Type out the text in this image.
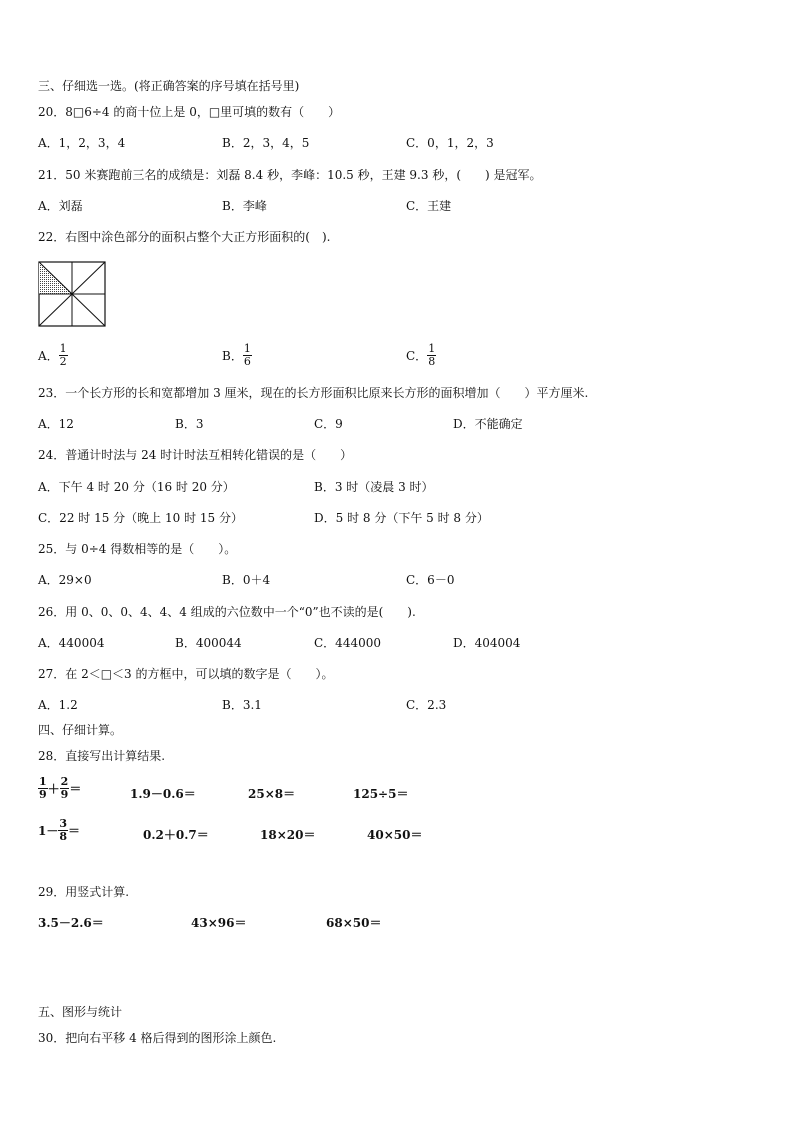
三、仔细选一选。(将正确答案的序号填在括号里)
20．8□6÷4 的商十位上是 0，□里可填的数有（　　）
A．1，2，3，4	B．2，3，4，5	C．0，1，2，3
21．50 米赛跑前三名的成绩是：刘磊 8.4 秒，李峰：10.5 秒，王建 9.3 秒，(　　) 是冠军。
A．刘磊	B．李峰	C．王建
22．右图中涂色部分的面积占整个大正方形面积的(　).
A． $\frac{1}{2}$	B． $\frac{1}{6}$	C． $\frac{1}{8}$
23．一个长方形的长和宽都增加 3 厘米，现在的长方形面积比原来长方形的面积增加（　　）平方厘米.
A．12	B．3	C．9	D．不能确定
24．普通计时法与 24 时计时法互相转化错误的是（　　）
A．下午 4 时 20 分（16 时 20 分）	B．3 时（凌晨 3 时）
C．22 时 15 分（晚上 10 时 15 分）	D．5 时 8 分（下午 5 时 8 分）
25．与 0÷4 得数相等的是（　　）。
A．29×0	B．0＋4	C．6－0
26．用 0、0、0、4、4、4 组成的六位数中一个“0”也不读的是(　　).
A．440004	B．400044	C．444000	D．404004
27．在 2＜□＜3 的方框中，可以填的数字是（　　）。
A．1.2	B．3.1	C．2.3
四、仔细计算。
28．直接写出计算结果.
$\frac{1}{9} + \frac{2}{9}$ ＝	1.9－0.6＝	25×8＝	125÷5＝
$1- \frac{3}{8}$ ＝	0.2＋0.7＝	18×20＝	40×50＝
29．用竖式计算.
3.5－2.6＝	43×96＝	68×50＝
五、图形与统计
30．把向右平移 4 格后得到的图形涂上颜色.
